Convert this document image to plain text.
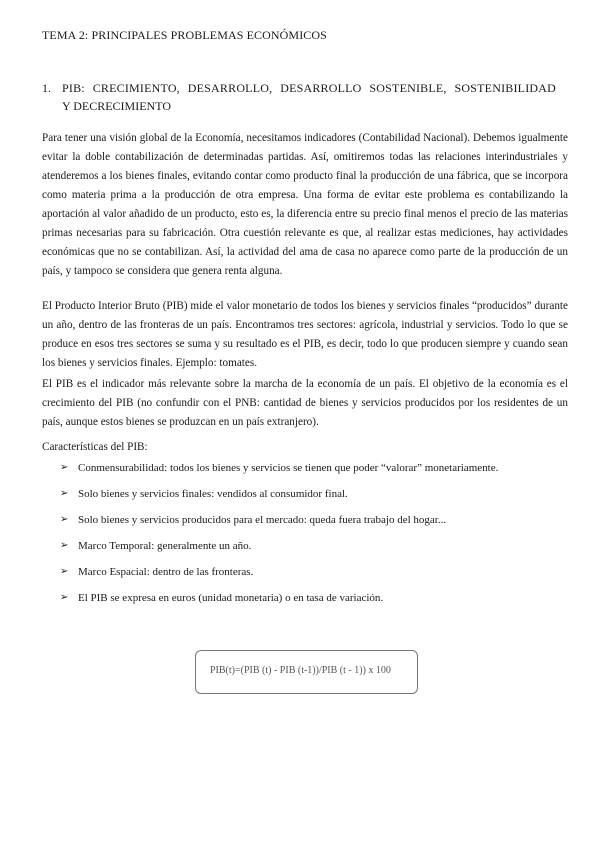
TEMA 2: PRINCIPALES PROBLEMAS ECONÓMICOS
1. PIB: CRECIMIENTO, DESARROLLO, DESARROLLO SOSTENIBLE, SOSTENIBILIDAD
Y DECRECIMIENTO

Para tener una visión global de la Economía, necesitamos indicadores (Contabilidad Nacional). Debemos igualmente evitar la doble contabilización de determinadas partidas. Así, omitiremos todas las relaciones interindustriales y atenderemos a los bienes finales, evitando contar como producto final la producción de una fábrica, que se incorpora como materia prima a la producción de otra empresa. Una forma de evitar este problema es contabilizando la aportación al valor añadido de un producto, esto es, la diferencia entre su precio final menos el precio de las materias primas necesarias para su fabricación. Otra cuestión relevante es que, al realizar estas mediciones, hay actividades económicas que no se contabilizan. Así, la actividad del ama de casa no aparece como parte de la producción de un país, y tampoco se considera que genera renta alguna.

El Producto Interior Bruto (PIB) mide el valor monetario de todos los bienes y servicios finales “producidos” durante un año, dentro de las fronteras de un país. Encontramos tres sectores: agrícola, industrial y servicios. Todo lo que se produce en esos tres sectores se suma y su resultado es el PIB, es decir, todo lo que producen siempre y cuando sean los bienes y servicios finales. Ejemplo: tomates.

El PIB es el indicador más relevante sobre la marcha de la economía de un país. El objetivo de la economía es el crecimiento del PIB (no confundir con el PNB: cantidad de bienes y servicios producidos por los residentes de un país, aunque estos bienes se produzcan en un país extranjero).

Características del PIB:
➢ Conmensurabilidad: todos los bienes y servicios se tienen que poder “valorar” monetariamente.
➢ Solo bienes y servicios finales: vendidos al consumidor final.
➢ Solo bienes y servicios producidos para el mercado: queda fuera trabajo del hogar...
➢ Marco Temporal: generalmente un año.
➢ Marco Espacial: dentro de las fronteras.
➢ El PIB se expresa en euros (unidad monetaria) o en tasa de variación.
PIB(t)=(PIB (t) - PIB (t-1))/PIB (t - 1)) x 100
